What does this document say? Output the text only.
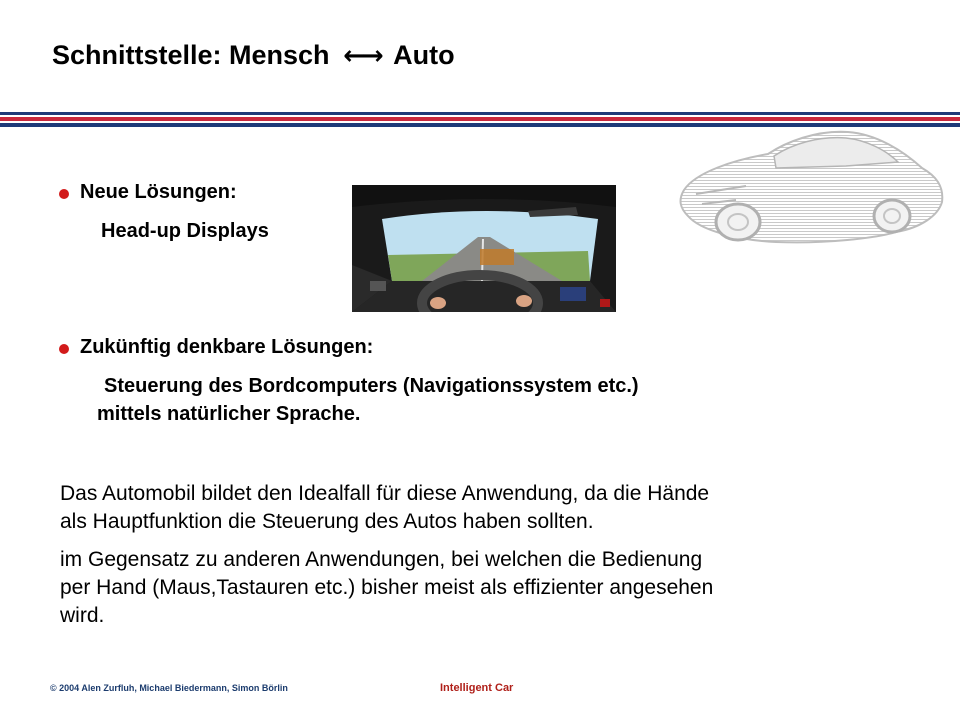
Schnittstelle: Mensch ←→ Auto
Neue Lösungen:
Head-up Displays
Zukünftig denkbare Lösungen:
Steuerung des Bordcomputers (Navigationssystem etc.)
mittels natürlicher Sprache.
Das Automobil bildet den Idealfall für diese Anwendung, da die Hände
als Hauptfunktion die Steuerung des Autos haben sollten.
im Gegensatz zu anderen Anwendungen, bei welchen die Bedienung
per Hand (Maus,Tastauren etc.) bisher meist als effizienter angesehen
wird.
© 2004 Alen Zurfluh, Michael Biedermann, Simon Börlin	Intelligent Car
